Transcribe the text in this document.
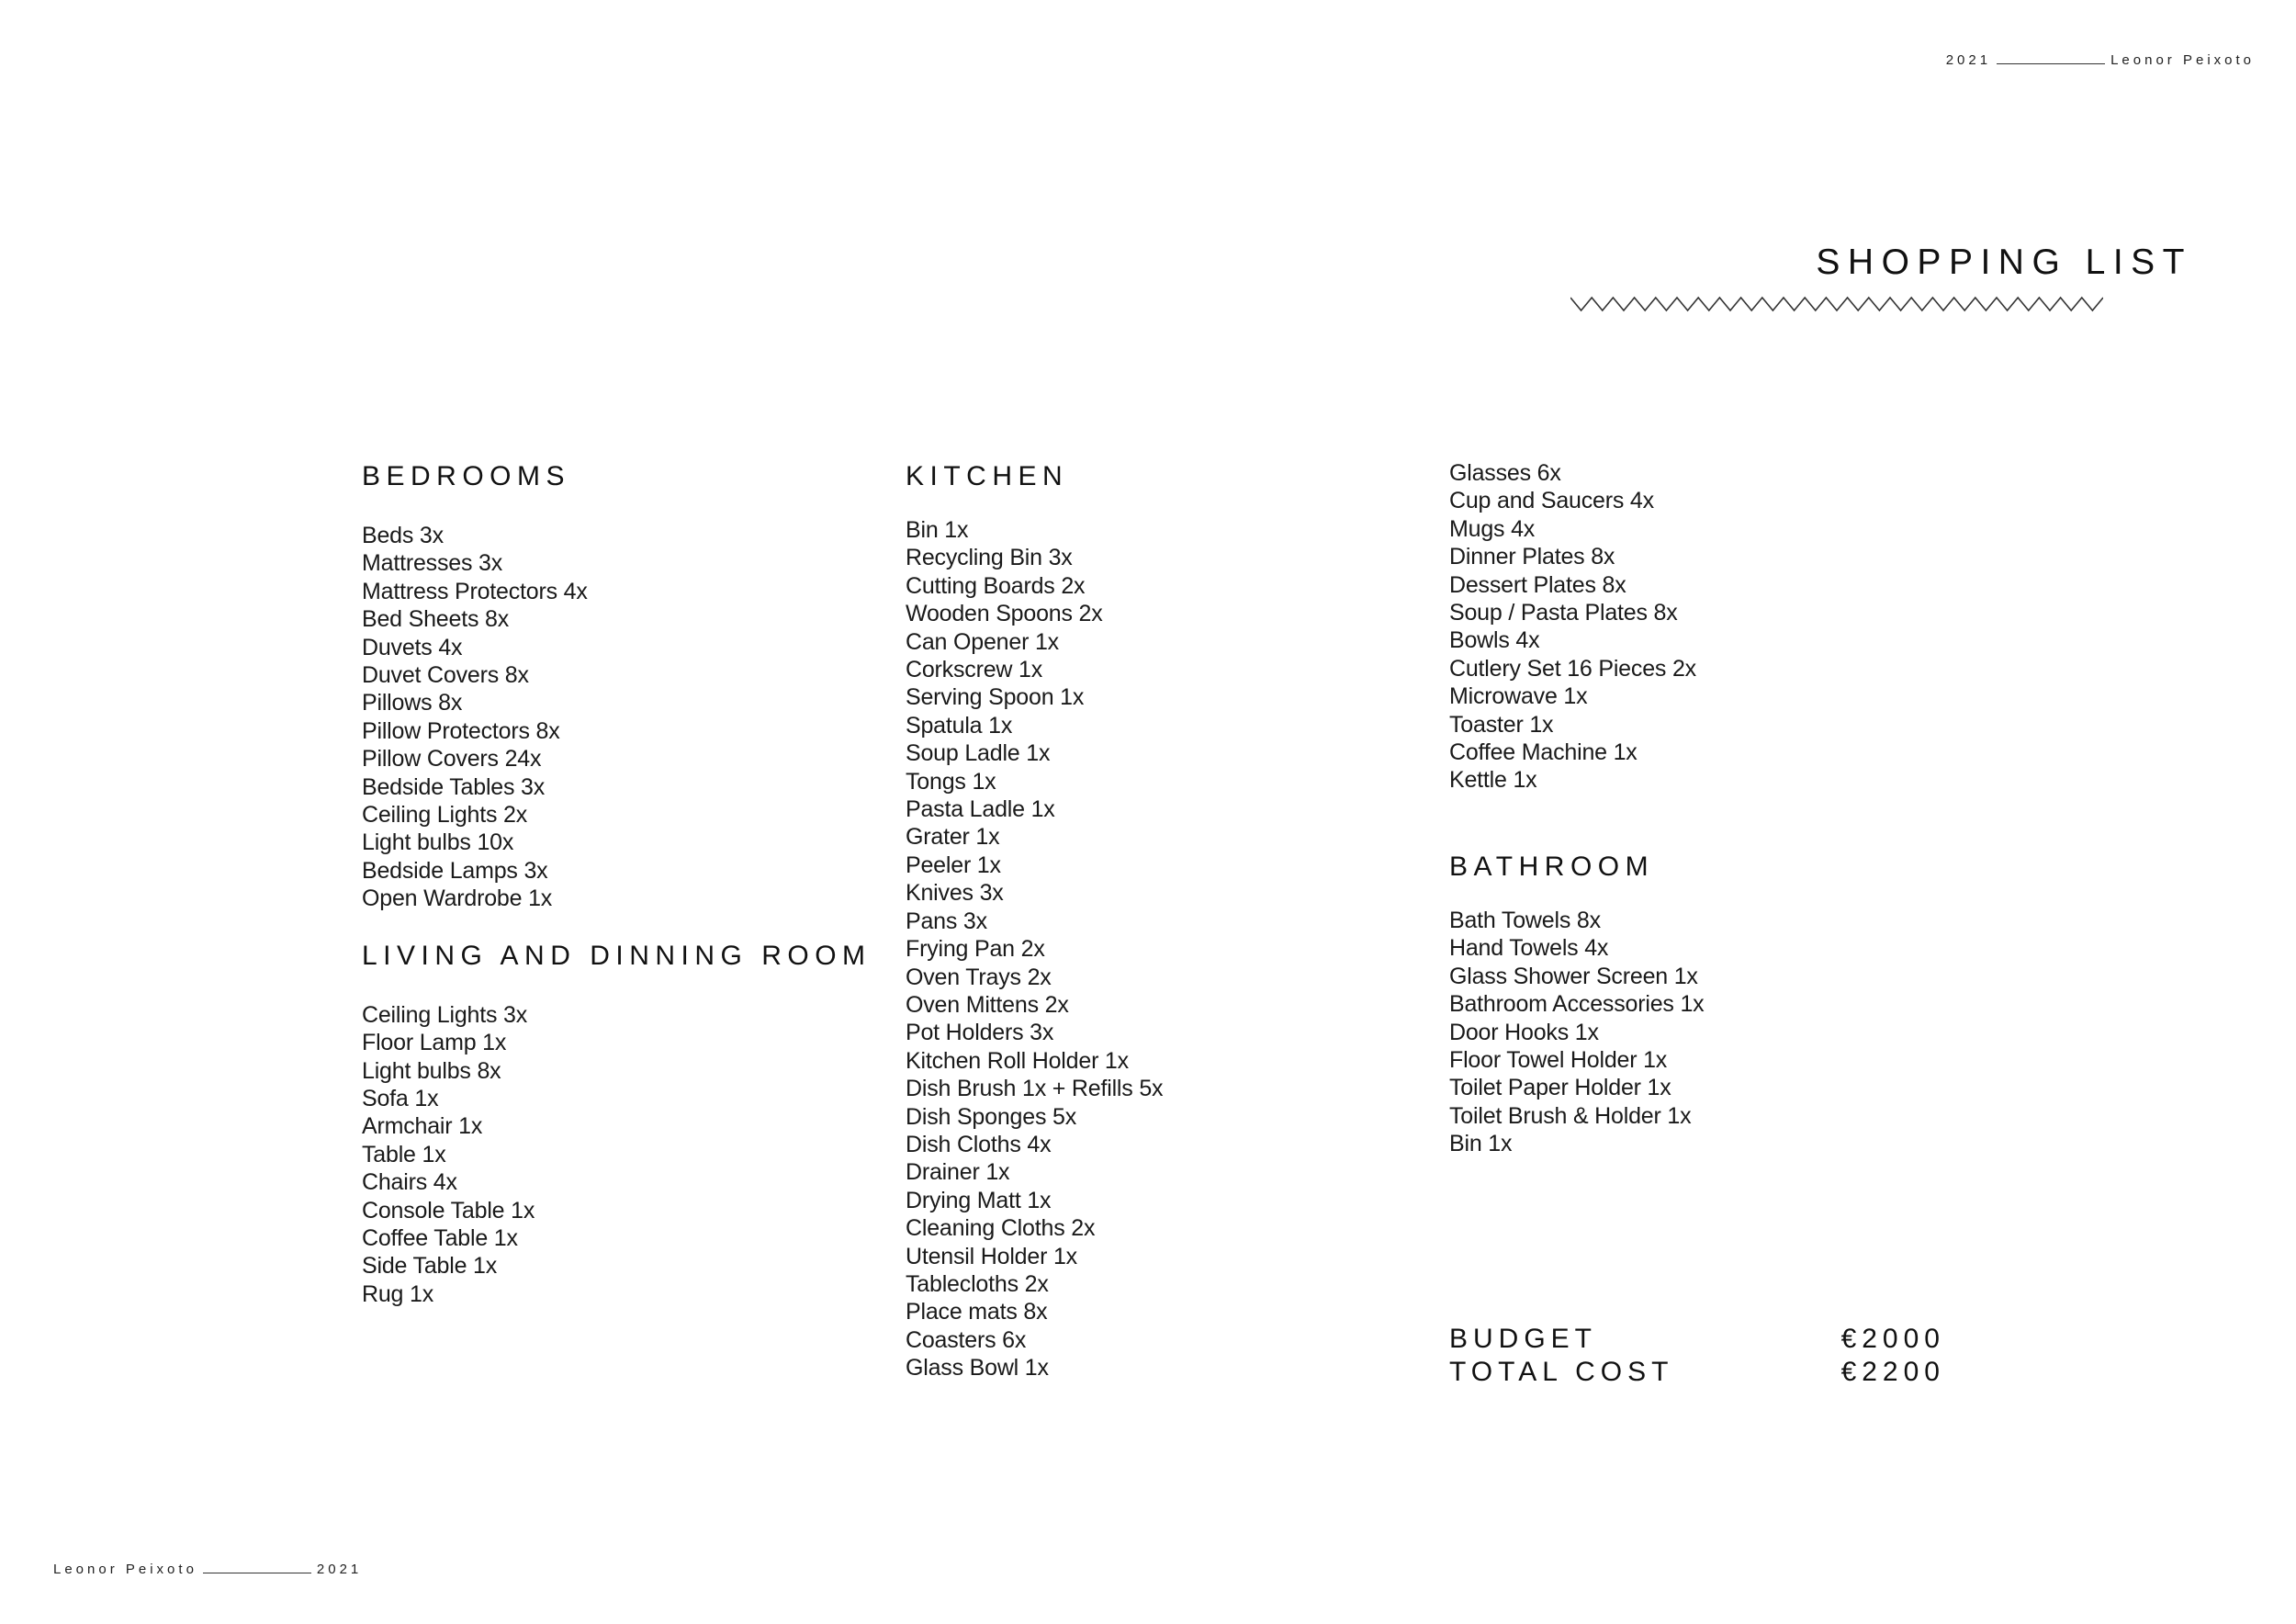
2021	Leonor Peixoto
SHOPPING LIST
BEDROOMS
Beds 3x
Mattresses 3x
Mattress Protectors 4x
Bed Sheets 8x
Duvets 4x
Duvet Covers 8x
Pillows 8x
Pillow Protectors 8x
Pillow Covers 24x
Bedside Tables 3x
Ceiling Lights 2x
Light bulbs 10x
Bedside Lamps 3x
Open Wardrobe 1x
LIVING AND DINNING ROOM
Ceiling Lights 3x
Floor Lamp 1x
Light bulbs 8x
Sofa 1x
Armchair 1x
Table 1x
Chairs 4x
Console Table 1x
Coffee Table 1x
Side Table 1x
Rug 1x
KITCHEN
Bin 1x
Recycling Bin 3x
Cutting Boards 2x
Wooden Spoons 2x
Can Opener 1x
Corkscrew 1x
Serving Spoon 1x
Spatula 1x
Soup Ladle 1x
Tongs 1x
Pasta Ladle 1x
Grater 1x
Peeler 1x
Knives 3x
Pans 3x
Frying Pan 2x
Oven Trays 2x
Oven Mittens 2x
Pot Holders 3x
Kitchen Roll Holder 1x
Dish Brush 1x + Refills 5x
Dish Sponges 5x
Dish Cloths 4x
Drainer 1x
Drying Matt 1x
Cleaning Cloths 2x
Utensil Holder 1x
Tablecloths 2x
Place mats 8x
Coasters 6x
Glass Bowl 1x
Glasses 6x
Cup and Saucers 4x
Mugs 4x
Dinner Plates 8x
Dessert Plates 8x
Soup / Pasta Plates 8x
Bowls 4x
Cutlery Set 16 Pieces 2x
Microwave 1x
Toaster 1x
Coffee Machine 1x
Kettle 1x
BATHROOM
Bath Towels 8x
Hand Towels 4x
Glass Shower Screen 1x
Bathroom Accessories 1x
Door Hooks 1x
Floor Towel Holder 1x
Toilet Paper Holder 1x
Toilet Brush & Holder 1x
Bin 1x
BUDGET	€2000
TOTAL COST	€2200
Leonor Peixoto	2021
